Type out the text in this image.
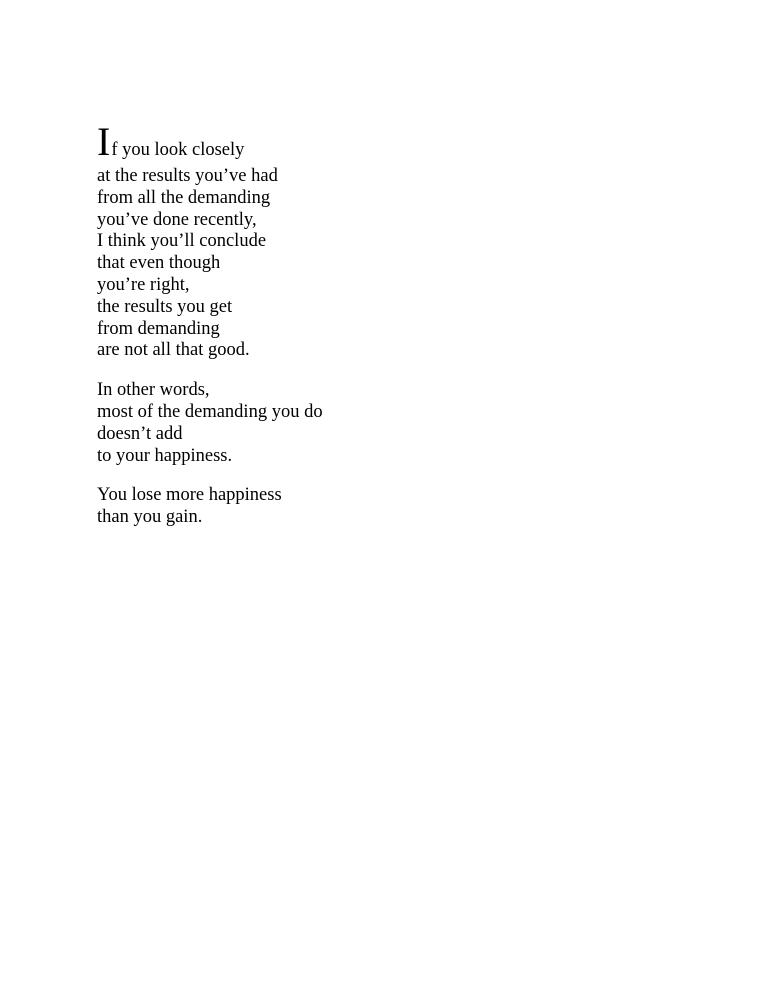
If you look closely
at the results you’ve had
from all the demanding
you’ve done recently,
I think you’ll conclude
that even though
you’re right,
the results you get
from demanding
are not all that good.
In other words,
most of the demanding you do
doesn’t add
to your happiness.
You lose more happiness
than you gain.
